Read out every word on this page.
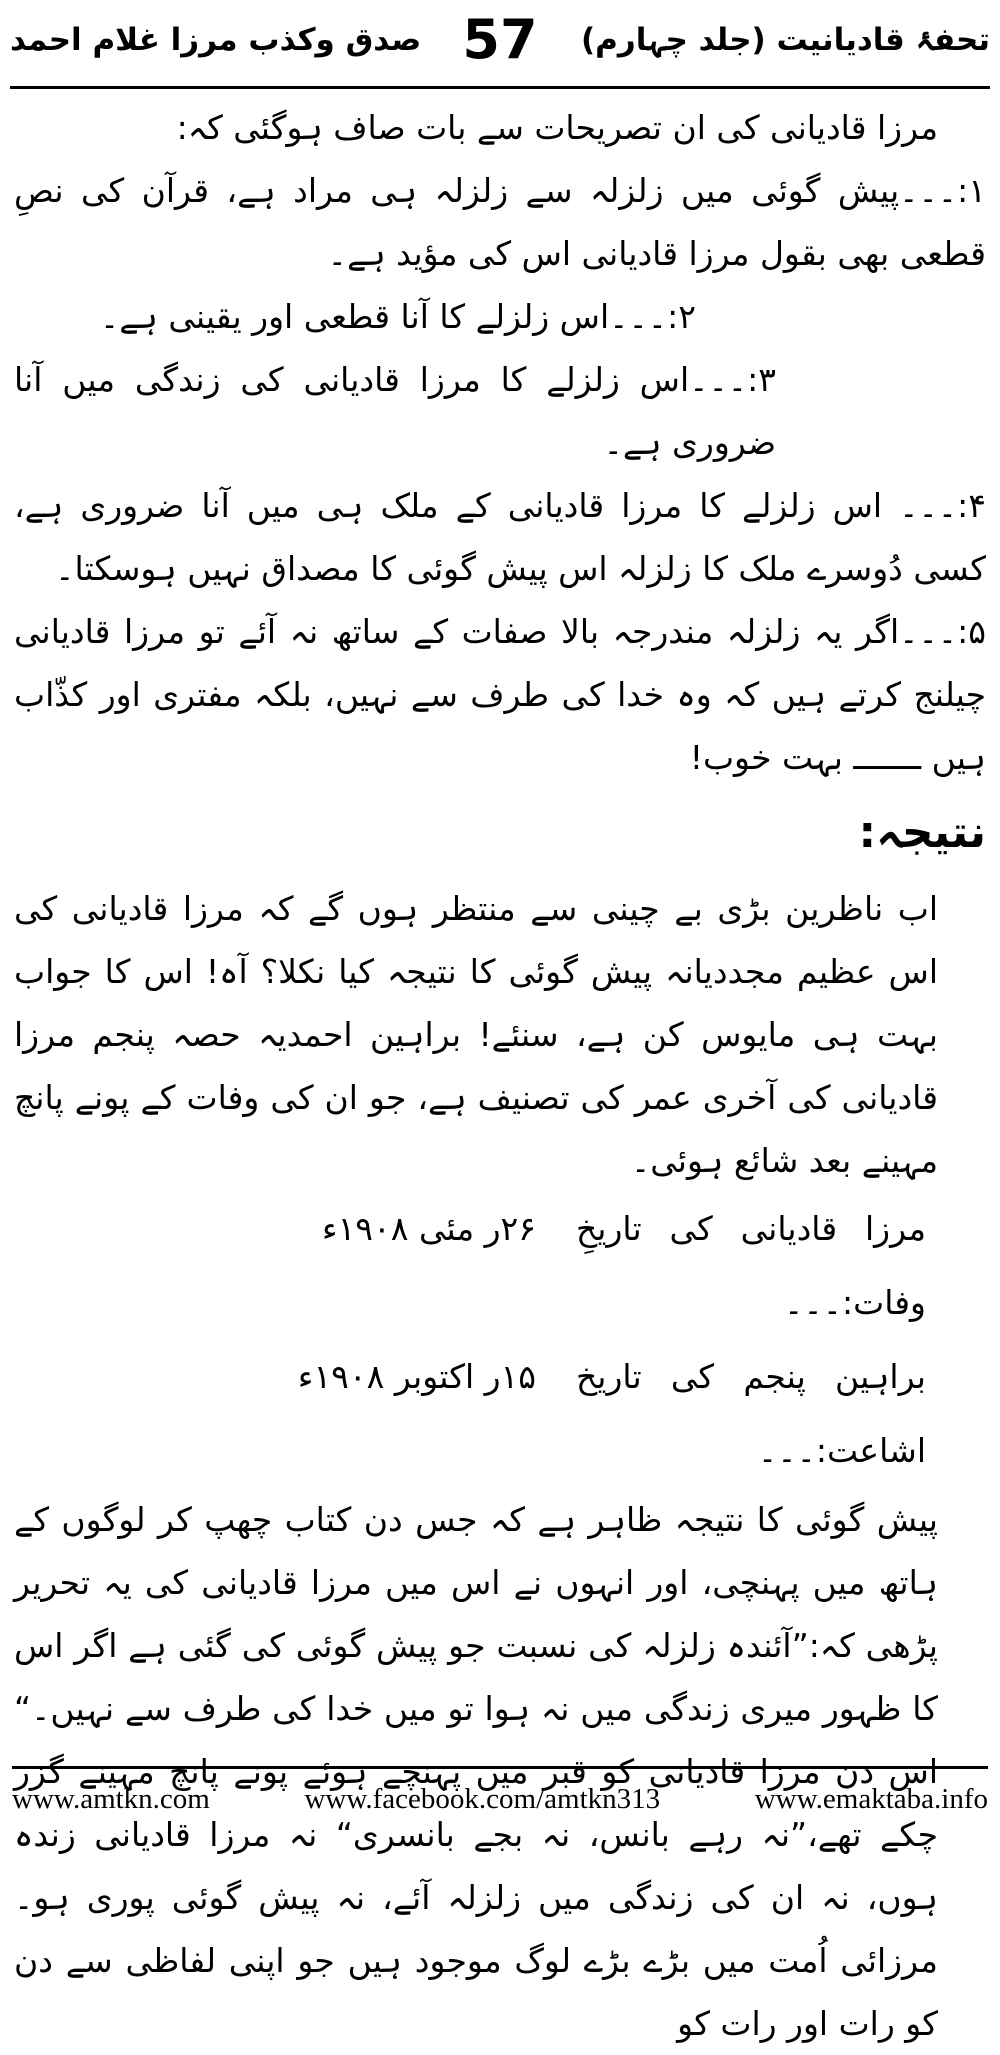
تحفۂ قادیانیت (جلد چہارم)
57
صدق وکذب مرزا غلام احمد

مرزا قادیانی کی ان تصریحات سے بات صاف ہوگئی کہ:

۱:۔۔۔پیش گوئی میں زلزلہ سے زلزلہ ہی مراد ہے، قرآن کی نصِ قطعی بھی بقول مرزا قادیانی اس کی مؤید ہے۔

۲:۔۔۔اس زلزلے کا آنا قطعی اور یقینی ہے۔

۳:۔۔۔اس زلزلے کا مرزا قادیانی کی زندگی میں آنا ضروری ہے۔

۴:۔۔۔ اس زلزلے کا مرزا قادیانی کے ملک ہی میں آنا ضروری ہے، کسی دُوسرے ملک کا زلزلہ اس پیش گوئی کا مصداق نہیں ہوسکتا۔

۵:۔۔۔اگر یہ زلزلہ مندرجہ بالا صفات کے ساتھ نہ آئے تو مرزا قادیانی چیلنج کرتے ہیں کہ وہ خدا کی طرف سے نہیں، بلکہ مفتری اور کذّاب ہیں ـــــــ بہت خوب!

نتیجہ:

اب ناظرین بڑی بے چینی سے منتظر ہوں گے کہ مرزا قادیانی کی اس عظیم مجددیانہ پیش گوئی کا نتیجہ کیا نکلا؟ آہ! اس کا جواب بہت ہی مایوس کن ہے، سنئے! براہین احمدیہ حصہ پنجم مرزا قادیانی کی آخری عمر کی تصنیف ہے، جو ان کی وفات کے پونے پانچ مہینے بعد شائع ہوئی۔

مرزا قادیانی کی تاریخِ وفات:۔۔۔
۲۶ر مئی ۱۹۰۸ء
براہین پنجم کی تاریخ اشاعت:۔۔۔
۱۵ر اکتوبر ۱۹۰۸ء

پیش گوئی کا نتیجہ ظاہر ہے کہ جس دن کتاب چھپ کر لوگوں کے ہاتھ میں پہنچی، اور انہوں نے اس میں مرزا قادیانی کی یہ تحریر پڑھی کہ:”آئندہ زلزلہ کی نسبت جو پیش گوئی کی گئی ہے اگر اس کا ظہور میری زندگی میں نہ ہوا تو میں خدا کی طرف سے نہیں۔“ اس دن مرزا قادیانی کو قبر میں پہنچے ہوئے پونے پانچ مہینے گزر چکے تھے،”نہ رہے بانس، نہ بجے بانسری“ نہ مرزا قادیانی زندہ ہوں، نہ ان کی زندگی میں زلزلہ آئے، نہ پیش گوئی پوری ہو۔ مرزائی اُمت میں بڑے بڑے لوگ موجود ہیں جو اپنی لفاظی سے دن کو رات اور رات کو

www.amtkn.com	www.facebook.com/amtkn313	www.emaktaba.info
